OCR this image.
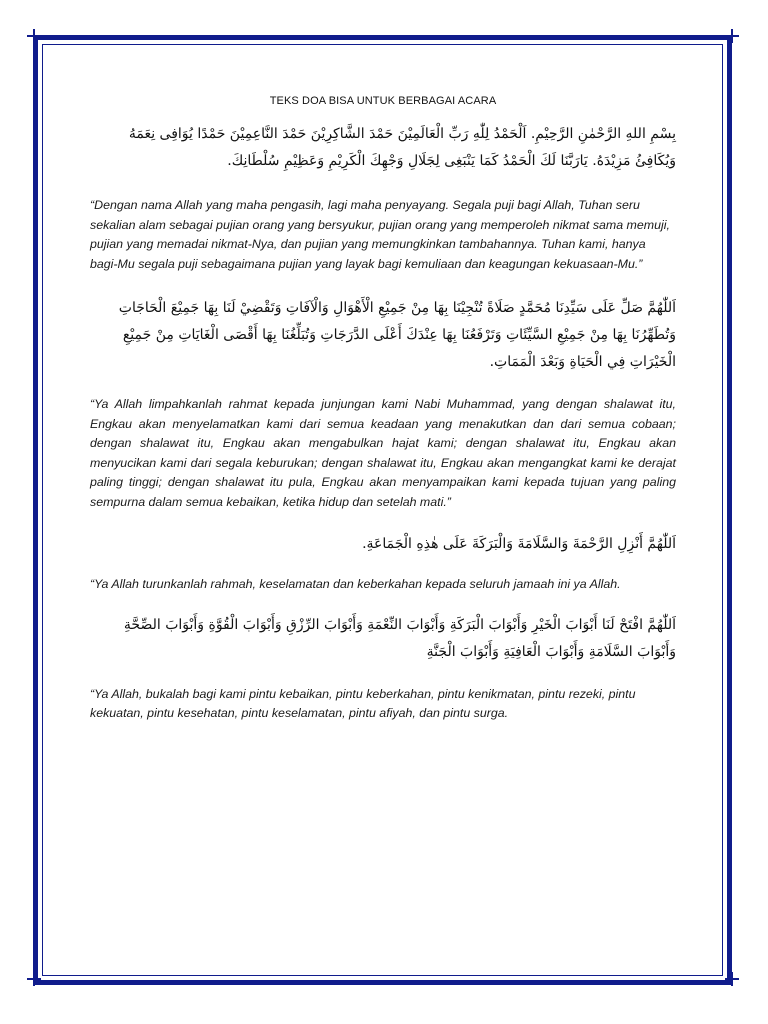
TEKS DOA BISA UNTUK BERBAGAI ACARA

بِسْمِ اللهِ الرَّحْمٰنِ الرَّحِيْمِ. اَلْحَمْدُ لِلّٰهِ رَبِّ الْعَالَمِيْنَ حَمْدَ الشَّاكِرِيْنَ حَمْدَ النَّاعِمِيْنَ حَمْدًا يُوَافِى نِعَمَهُ وَيُكَافِئُ مَزِيْدَهُ. يَارَبَّنَا لَكَ الْحَمْدُ كَمَا يَنْبَغِى لِجَلَالِ وَجْهِكَ الْكَرِيْمِ وَعَظِيْمِ سُلْطَانِكَ.

“Dengan nama Allah yang maha pengasih, lagi maha penyayang. Segala puji bagi Allah, Tuhan seru sekalian alam sebagai pujian orang yang bersyukur, pujian orang yang memperoleh nikmat sama memuji, pujian yang memadai nikmat-Nya, dan pujian yang memungkinkan tambahannya. Tuhan kami, hanya bagi-Mu segala puji sebagaimana pujian yang layak bagi kemuliaan dan keagungan kekuasaan-Mu.”

اَللّٰهُمَّ صَلِّ عَلَى سَيِّدِنَا مُحَمَّدٍ صَلَاةً تُنْجِيْنَا بِهَا مِنْ جَمِيْعِ الْأَهْوَالِ وَالْآفَاتِ وَتَقْضِيْ لَنَا بِهَا جَمِيْعَ الْحَاجَاتِ وَتُطَهِّرُنَا بِهَا مِنْ جَمِيْعِ السَّيِّئَاتِ وَتَرْفَعُنَا بِهَا عِنْدَكَ أَعْلَى الدَّرَجَاتِ وَتُبَلِّغُنَا بِهَا أَقْصَى الْغَايَاتِ مِنْ جَمِيْعِ الْخَيْرَاتِ فِي الْحَيَاةِ وَبَعْدَ الْمَمَاتِ.

“Ya Allah limpahkanlah rahmat kepada junjungan kami Nabi Muhammad, yang dengan shalawat itu, Engkau akan menyelamatkan kami dari semua keadaan yang menakutkan dan dari semua cobaan; dengan shalawat itu, Engkau akan mengabulkan hajat kami; dengan shalawat itu, Engkau akan menyucikan kami dari segala keburukan; dengan shalawat itu, Engkau akan mengangkat kami ke derajat paling tinggi; dengan shalawat itu pula, Engkau akan menyampaikan kami kepada tujuan yang paling sempurna dalam semua kebaikan, ketika hidup dan setelah mati.”

اَللّٰهُمَّ أَنْزِلِ الرَّحْمَةَ وَالسَّلَامَةَ وَالْبَرَكَةَ عَلَى هٰذِهِ الْجَمَاعَةِ.

“Ya Allah turunkanlah rahmah, keselamatan dan keberkahan kepada seluruh jamaah ini ya Allah.

اَللّٰهُمَّ افْتَحْ لَنَا أَبْوَابَ الْخَيْرِ وَأَبْوَابَ الْبَرَكَةِ وَأَبْوَابَ النِّعْمَةِ وَأَبْوَابَ الرِّزْقِ وَأَبْوَابَ الْقُوَّةِ وَأَبْوَابَ الصِّحَّةِ وَأَبْوَابَ السَّلَامَةِ وَأَبْوَابَ الْعَافِيَةِ وَأَبْوَابَ الْجَنَّةِ

“Ya Allah, bukalah bagi kami pintu kebaikan, pintu keberkahan, pintu kenikmatan, pintu rezeki, pintu kekuatan, pintu kesehatan, pintu keselamatan, pintu afiyah, dan pintu surga.
